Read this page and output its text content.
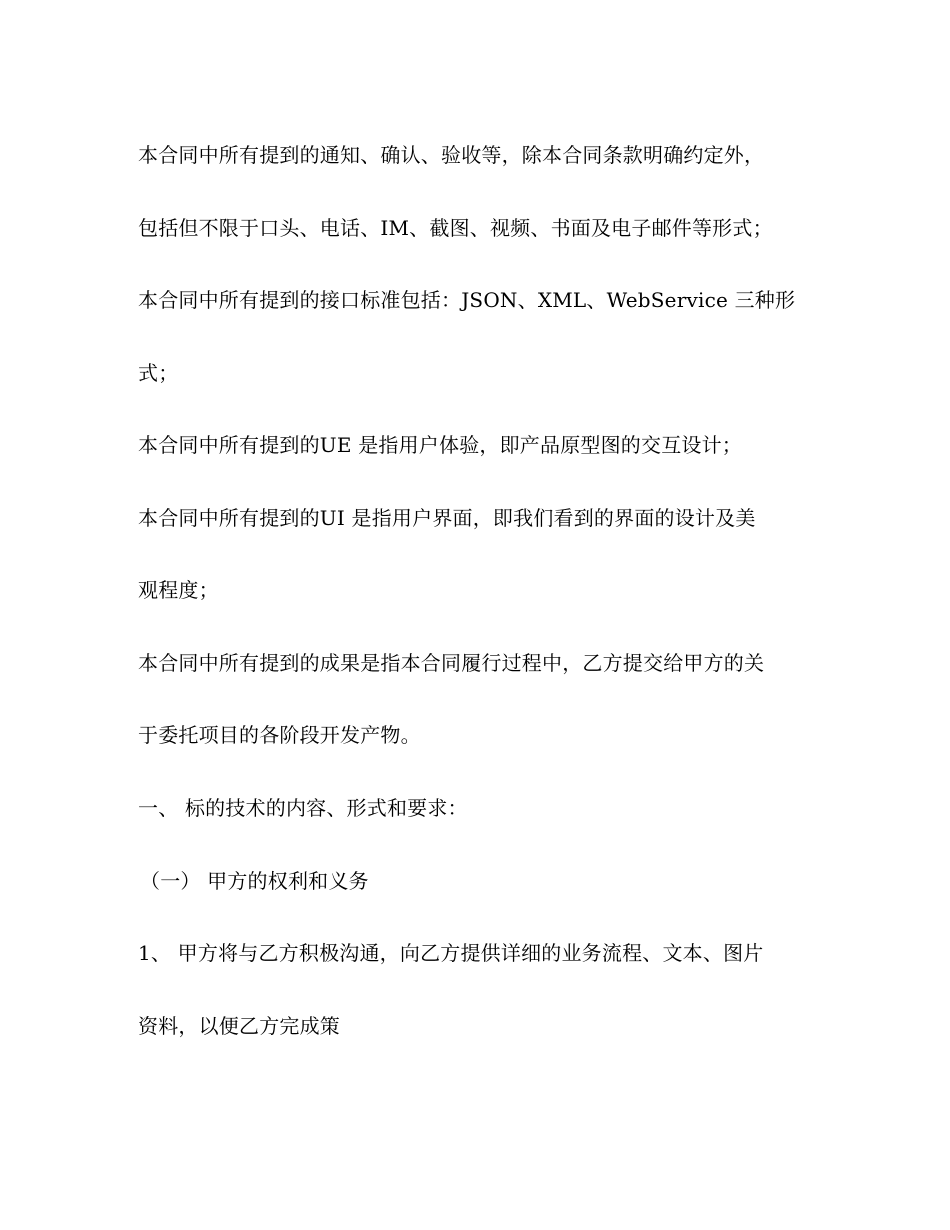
本合同中所有提到的通知、确认、验收等，除本合同条款明确约定外，
包括但不限于口头、电话、IM、截图、视频、书面及电子邮件等形式；
本合同中所有提到的接口标准包括：JSON、XML、WebService 三种形
式；
本合同中所有提到的UE 是指用户体验，即产品原型图的交互设计；
本合同中所有提到的UI 是指用户界面，即我们看到的界面的设计及美
观程度；
本合同中所有提到的成果是指本合同履行过程中，乙方提交给甲方的关
于委托项目的各阶段开发产物。
一、 标的技术的内容、形式和要求：
（一） 甲方的权利和义务
1、 甲方将与乙方积极沟通，向乙方提供详细的业务流程、文本、图片
资料，以便乙方完成策
